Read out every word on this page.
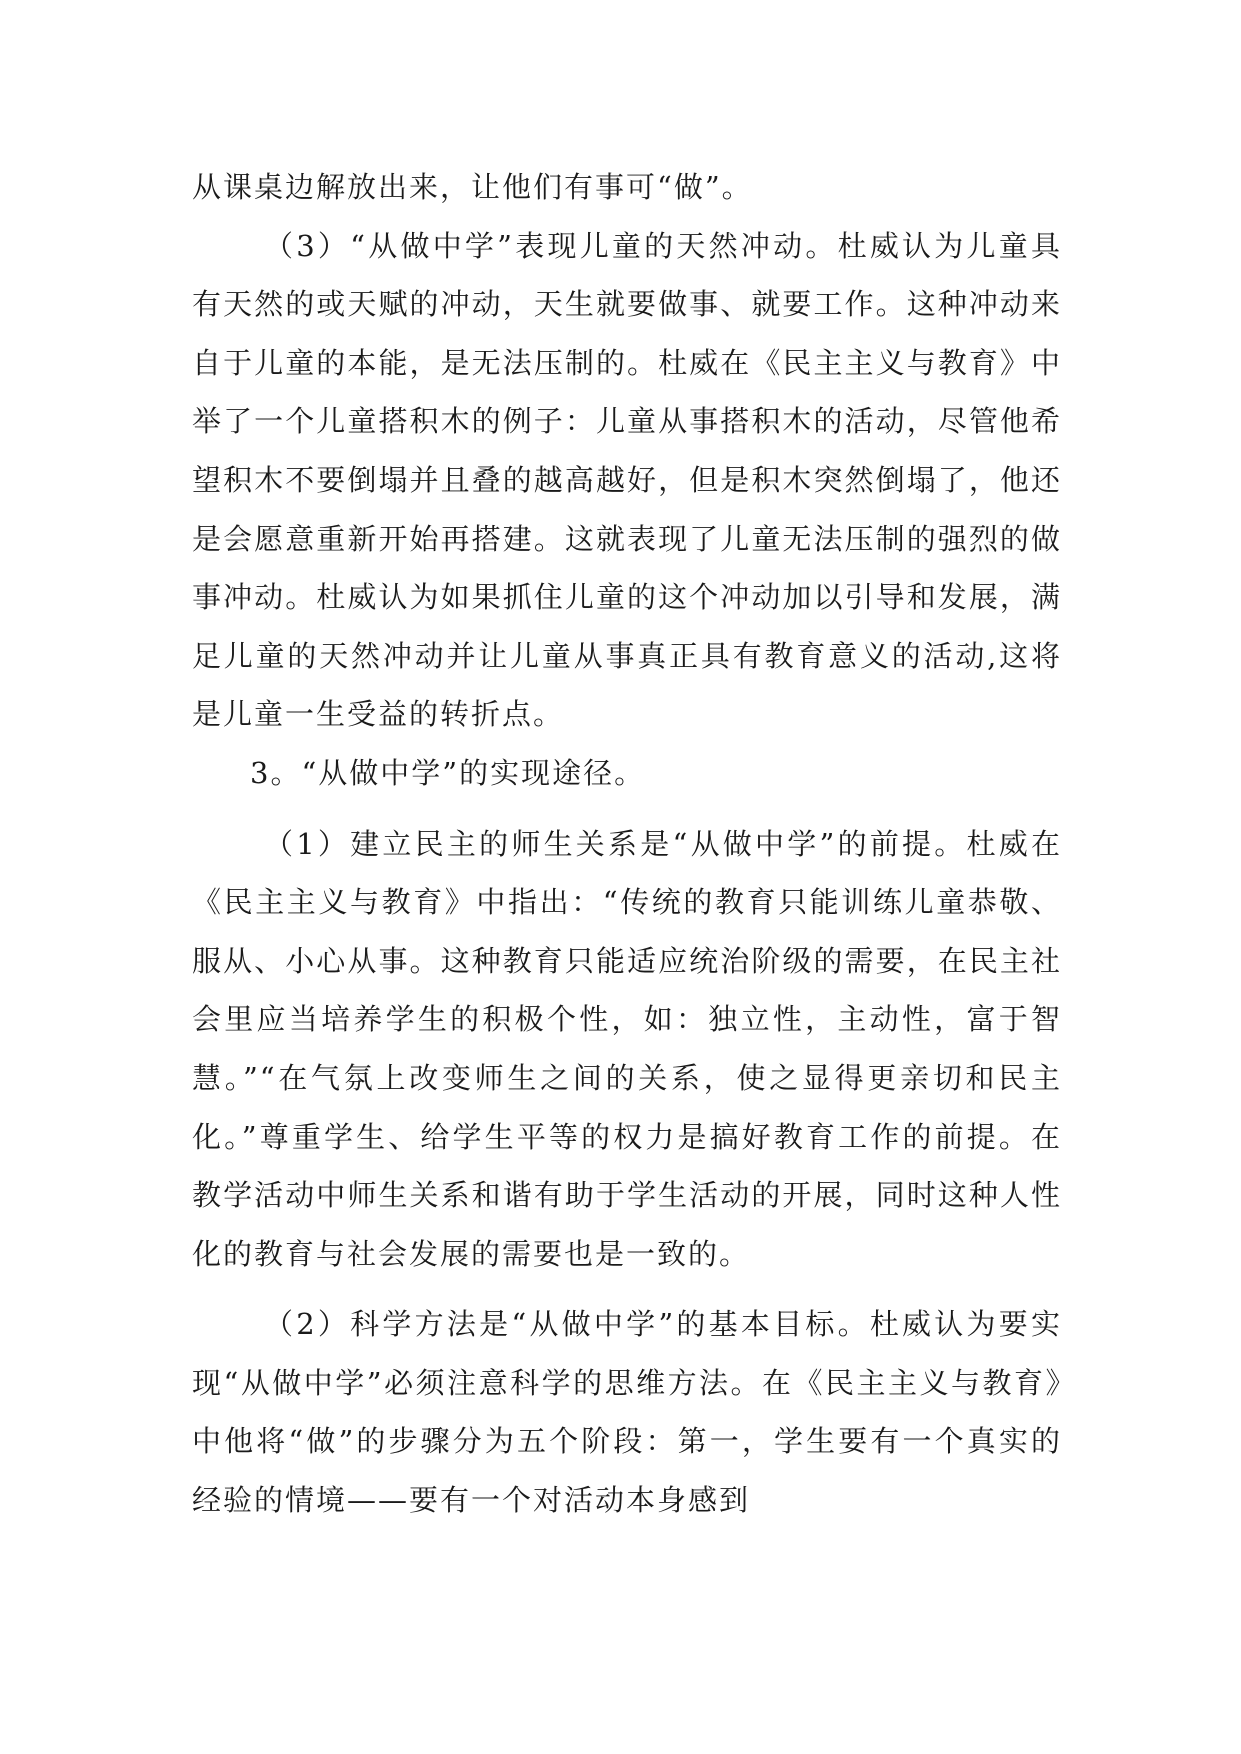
从课桌边解放出来，让他们有事可“做”。

（3）“从做中学”表现儿童的天然冲动。杜威认为儿童具有天然的或天赋的冲动，天生就要做事、就要工作。这种冲动来自于儿童的本能，是无法压制的。杜威在《民主主义与教育》中举了一个儿童搭积木的例子：儿童从事搭积木的活动，尽管他希望积木不要倒塌并且叠的越高越好，但是积木突然倒塌了，他还是会愿意重新开始再搭建。这就表现了儿童无法压制的强烈的做事冲动。杜威认为如果抓住儿童的这个冲动加以引导和发展，满足儿童的天然冲动并让儿童从事真正具有教育意义的活动,这将是儿童一生受益的转折点。

3。“从做中学”的实现途径。

（1）建立民主的师生关系是“从做中学”的前提。杜威在《民主主义与教育》中指出：“传统的教育只能训练儿童恭敬、服从、小心从事。这种教育只能适应统治阶级的需要，在民主社会里应当培养学生的积极个性，如：独立性，主动性，富于智慧。”“在气氛上改变师生之间的关系，使之显得更亲切和民主化。”尊重学生、给学生平等的权力是搞好教育工作的前提。在教学活动中师生关系和谐有助于学生活动的开展，同时这种人性化的教育与社会发展的需要也是一致的。

（2）科学方法是“从做中学”的基本目标。杜威认为要实现“从做中学”必须注意科学的思维方法。在《民主主义与教育》中他将“做”的步骤分为五个阶段：第一，学生要有一个真实的经验的情境——要有一个对活动本身感到
